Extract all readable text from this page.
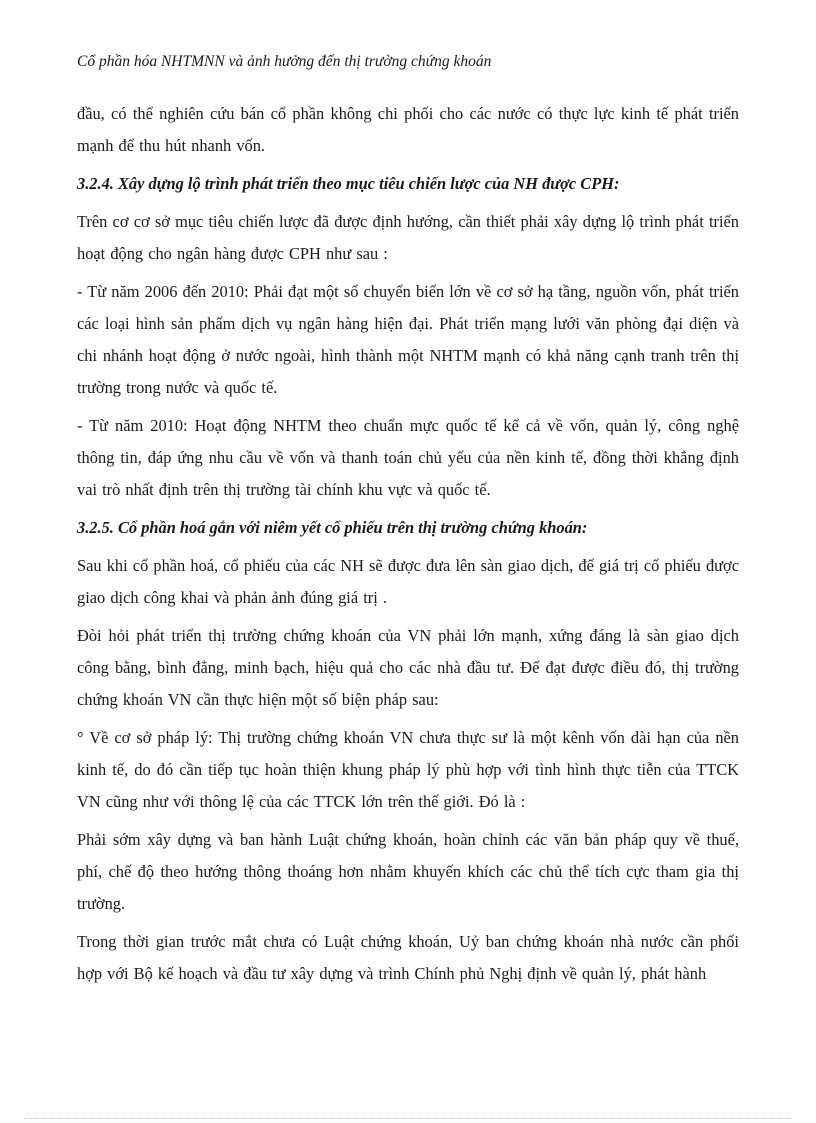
Cổ phần hóa NHTMNN và ảnh hưởng đến thị trường chứng khoán

đầu, có thể nghiên cứu bán cổ phần không chi phối cho các nước có thực lực kinh tế phát triển mạnh để thu hút nhanh vốn.

3.2.4. Xây dựng lộ trình phát triển theo mục tiêu chiến lược của NH được CPH:

Trên cơ cơ sở mục tiêu chiến lược đã được định hướng, cần thiết phải xây dựng lộ trình phát triển hoạt động cho ngân hàng được CPH như sau :

- Từ năm 2006 đến 2010: Phải đạt một số chuyển biến lớn về cơ sở hạ tầng, nguồn vốn, phát triển các loại hình sản phẩm dịch vụ ngân hàng hiện đại. Phát triển mạng lưới văn phòng đại diện và chi nhánh hoạt động ở nước ngoài, hình thành một NHTM mạnh có khả năng cạnh tranh trên thị trường trong nước và quốc tế.

- Từ năm 2010: Hoạt động NHTM theo chuẩn mực quốc tế kể cả về vốn, quản lý, công nghệ thông tin, đáp ứng nhu cầu về vốn và thanh toán chủ yếu của nền kinh tế, đồng thời khẳng định vai trò nhất định trên thị trường tài chính khu vực và quốc tế.

3.2.5. Cổ phần hoá gắn với niêm yết cổ phiếu trên thị trường chứng khoán:

Sau khi cổ phần hoá, cổ phiếu của các NH sẽ được đưa lên sàn giao dịch, để giá trị cổ phiếu được giao dịch công khai và phản ảnh đúng giá trị .

Đòi hỏi phát triển thị trường chứng khoán của VN phải lớn mạnh, xứng đáng là sàn giao dịch công bằng, bình đẳng, minh bạch, hiệu quả cho các nhà đầu tư. Để đạt được điều đó, thị trường chứng khoán VN cần thực hiện một số biện pháp sau:

° Về cơ sở pháp lý: Thị trường chứng khoán VN chưa thực sư là một kênh vốn dài hạn của nền kinh tế, do đó cần tiếp tục hoàn thiện khung pháp lý phù hợp với tình hình thực tiễn của TTCK VN cũng như với thông lệ của các TTCK lớn trên thế giới. Đó là :

Phải sớm xây dựng và ban hành Luật chứng khoán, hoàn chỉnh các văn bản pháp quy về thuế, phí, chế độ theo hướng thông thoáng hơn nhằm khuyến khích các chủ thể tích cực tham gia thị trường.

Trong thời gian trước mắt chưa có Luật chứng khoán, Uỷ ban chứng khoán nhà nước cần phối hợp với Bộ kế hoạch và đầu tư xây dựng và trình Chính phủ Nghị định về quản lý, phát hành
